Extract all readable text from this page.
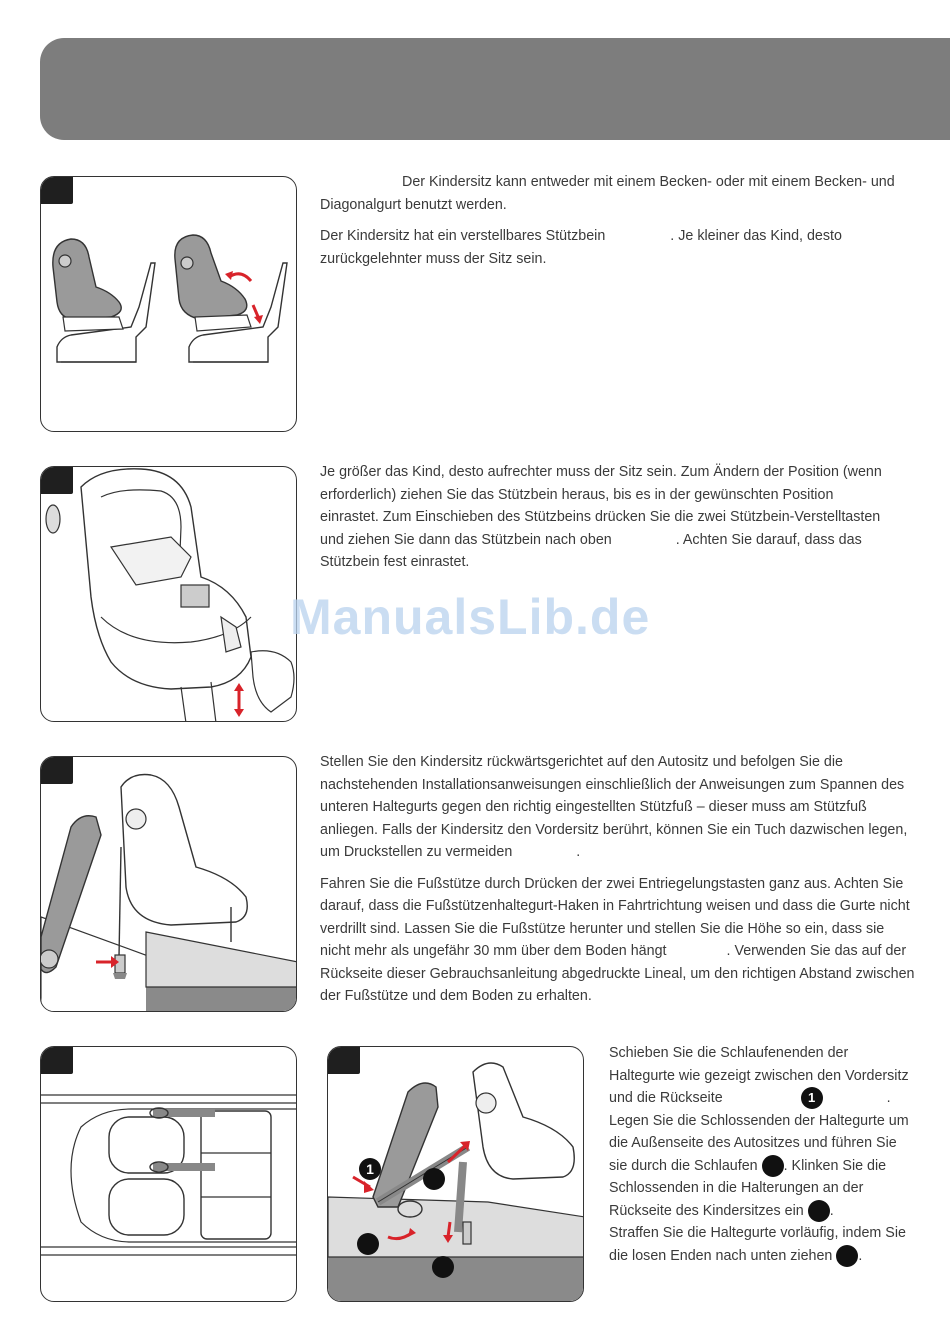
1

Der Kindersitz kann entweder mit einem Becken- oder mit einem Becken- und Diagonalgurt benutzt werden.

Der Kindersitz hat ein verstellbares Stützbein	. Je kleiner das Kind, desto zurückgelehnter muss der Sitz sein.

Je größer das Kind, desto aufrechter muss der Sitz sein. Zum Ändern der Position (wenn erforderlich) ziehen Sie das Stützbein heraus, bis es in der gewünschten Position einrastet. Zum Einschieben des Stützbeins drücken Sie die zwei Stützbein-Verstelltasten und ziehen Sie dann das Stützbein nach oben	. Achten Sie darauf, dass das Stützbein fest einrastet.

Stellen Sie den Kindersitz rückwärtsgerichtet auf den Autositz und befolgen Sie die nachstehenden Installationsanweisungen einschließlich der Anweisungen zum Spannen des unteren Haltegurts gegen den richtig eingestellten Stützfuß – dieser muss am Stützfuß anliegen. Falls der Kindersitz den Vordersitz berührt, können Sie ein Tuch dazwischen legen, um Druckstellen zu vermeiden	.

Fahren Sie die Fußstütze durch Drücken der zwei Entriegelungstasten ganz aus. Achten Sie darauf, dass die Fußstützenhaltegurt-Haken in Fahrtrichtung weisen und dass die Gurte nicht verdrillt sind. Lassen Sie die Fußstütze herunter und stellen Sie die Höhe so ein, dass sie nicht mehr als ungefähr 30 mm über dem Boden hängt	. Verwenden Sie das auf der Rückseite dieser Gebrauchsanleitung abgedruckte Lineal, um den richtigen Abstand zwischen der Fußstütze und dem Boden zu erhalten.

Schieben Sie die Schlaufenenden der Haltegurte wie gezeigt zwischen den Vordersitz und die Rückseite	1	. Legen Sie die Schlossenden der Haltegurte um die Außenseite des Autositzes und führen Sie sie durch die Schlaufen . Klinken Sie die Schlossenden in die Halterungen an der Rückseite des Kindersitzes ein .
Straffen Sie die Haltegurte vorläufig, indem Sie die losen Enden nach unten ziehen .
ManualsLib.de
